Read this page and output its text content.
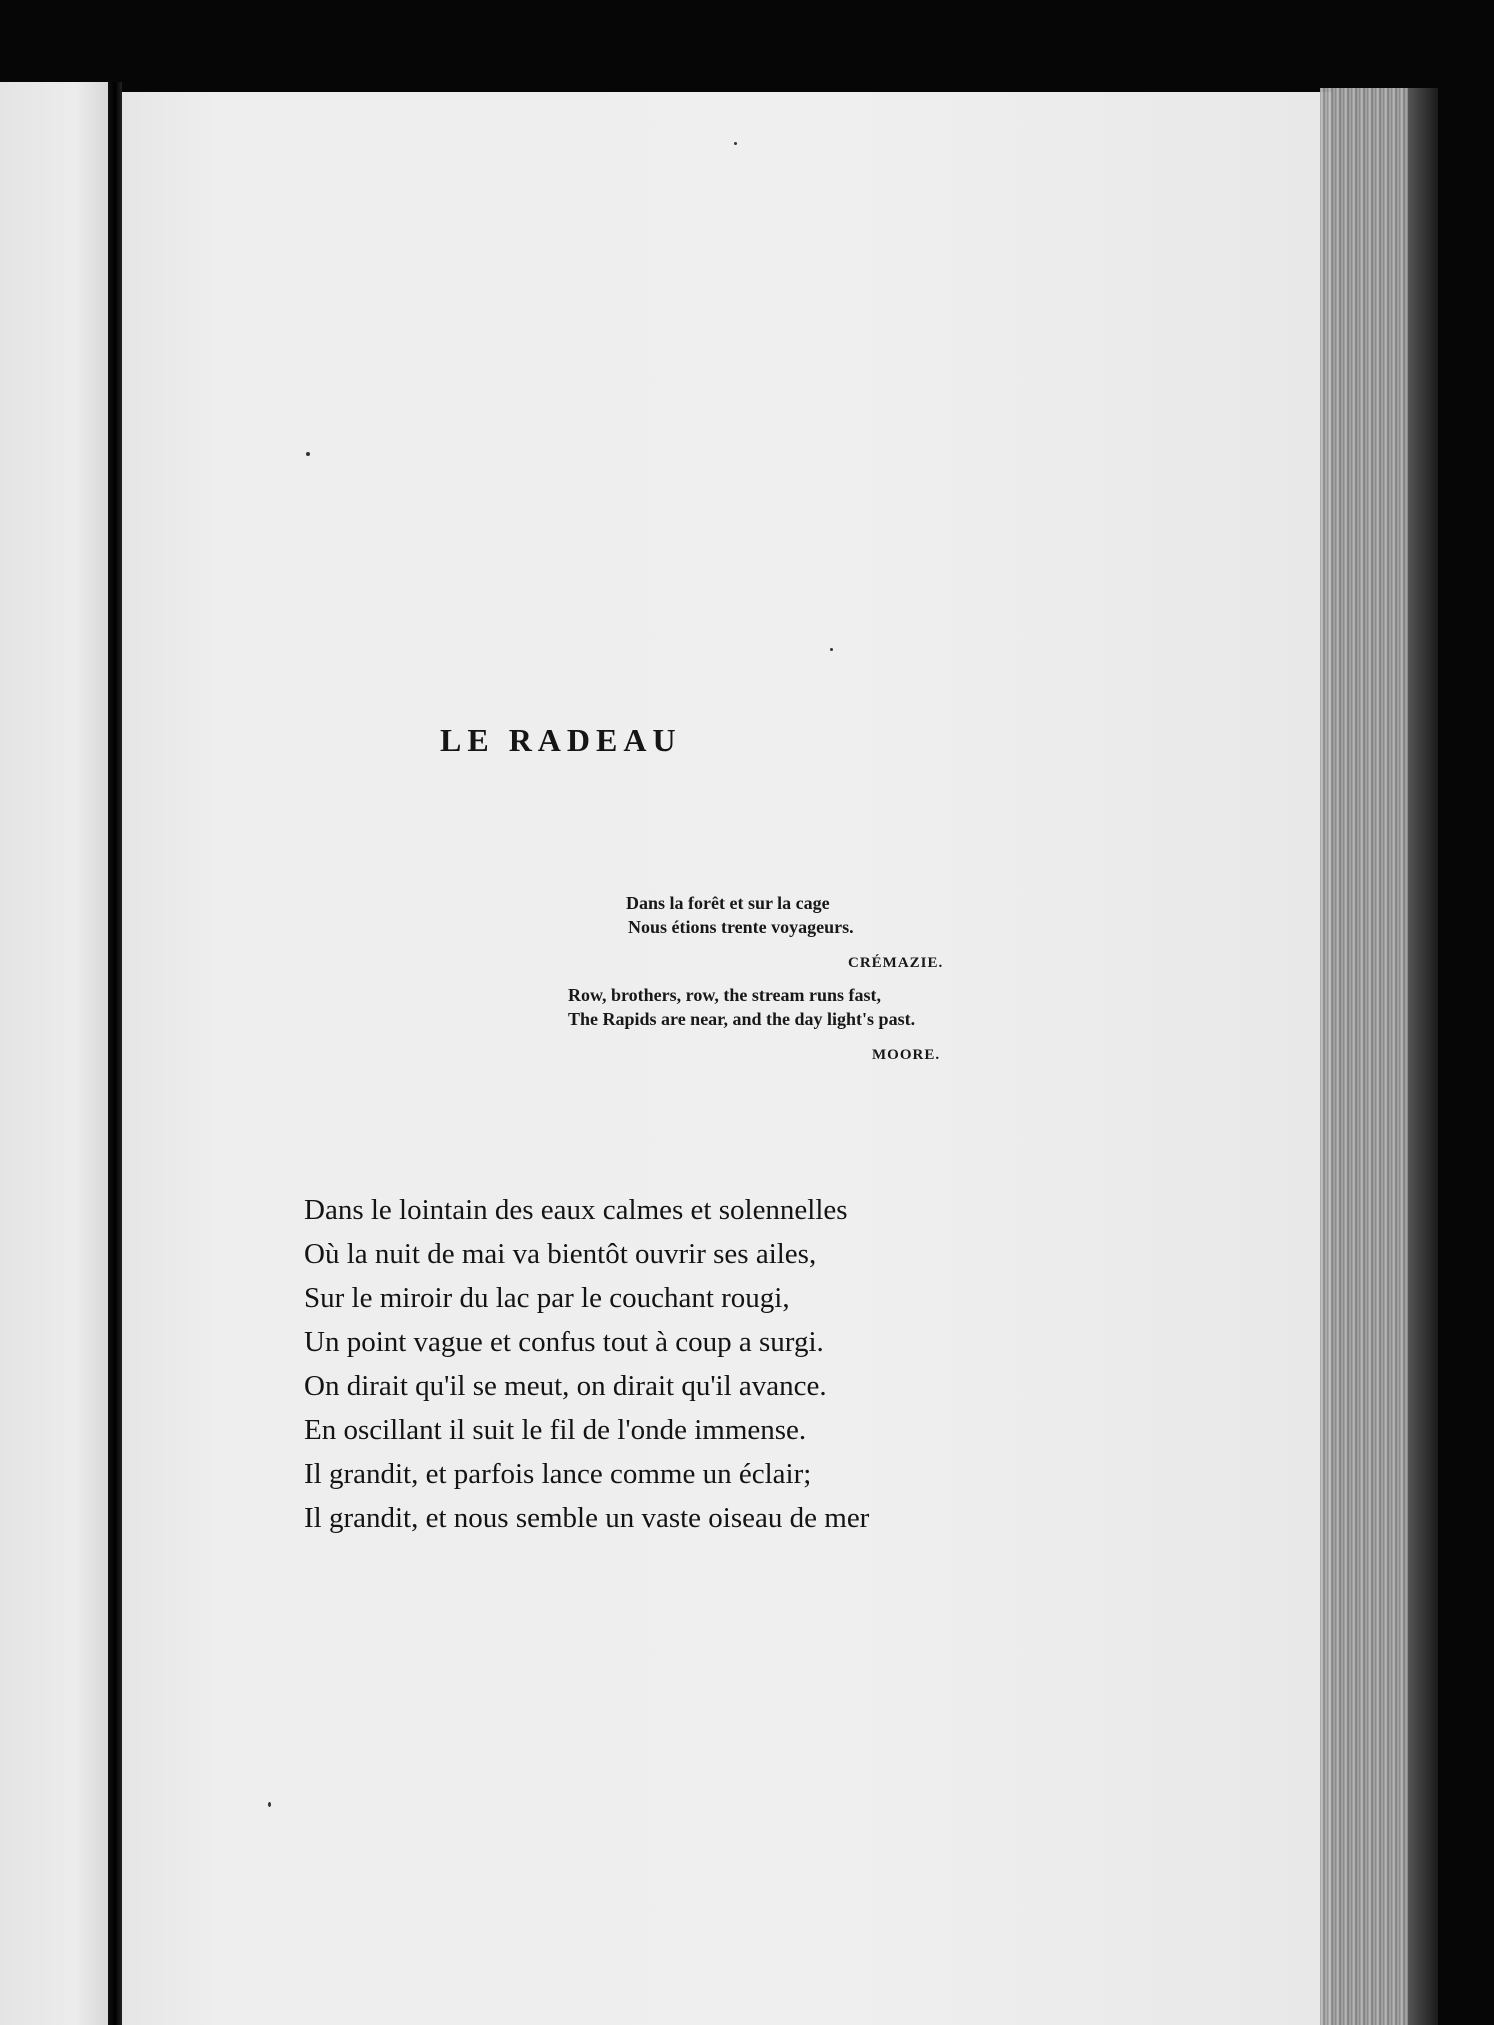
LE RADEAU
Dans la forêt et sur la cage
Nous étions trente voyageurs.
CRÉMAZIE.
Row, brothers, row, the stream runs fast,
The Rapids are near, and the day light's past.
MOORE.
Dans le lointain des eaux calmes et solennelles
Où la nuit de mai va bientôt ouvrir ses ailes,
Sur le miroir du lac par le couchant rougi,
Un point vague et confus tout à coup a surgi.
On dirait qu'il se meut, on dirait qu'il avance.
En oscillant il suit le fil de l'onde immense.
Il grandit, et parfois lance comme un éclair;
Il grandit, et nous semble un vaste oiseau de mer
